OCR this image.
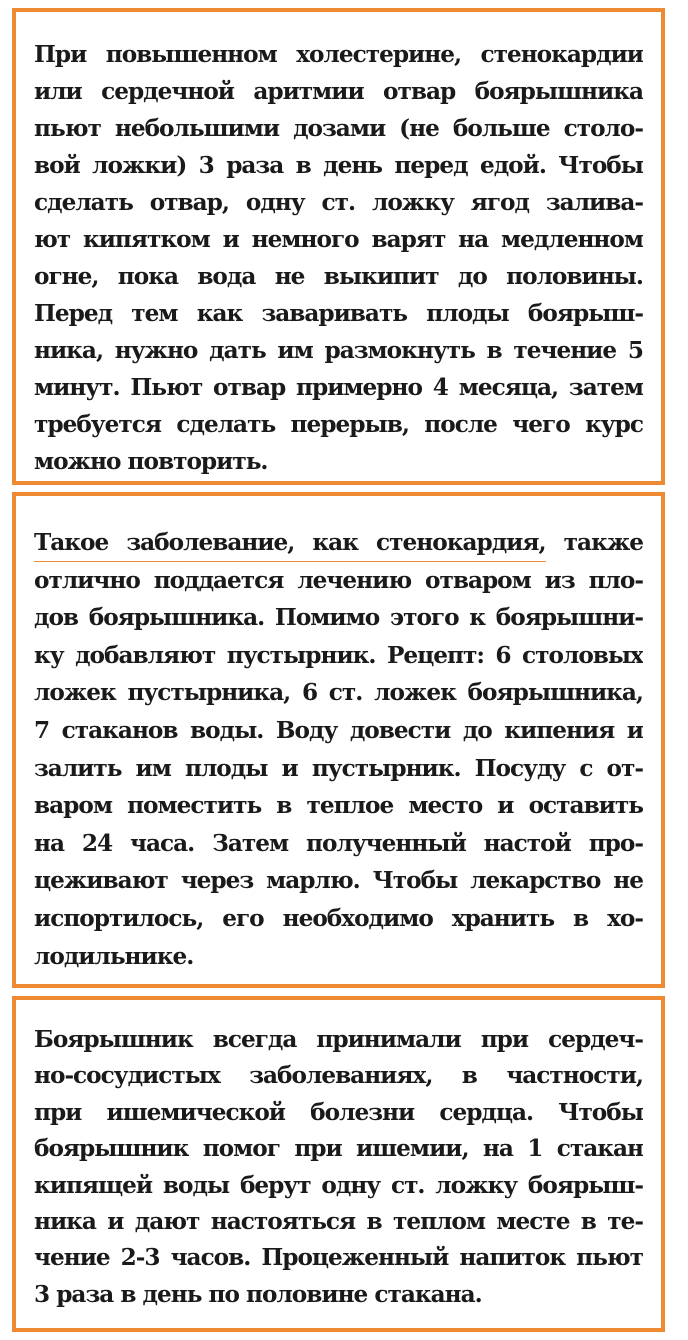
При повышенном холестерине, стенокардии
или сердечной аритмии отвар боярышника
пьют небольшими дозами (не больше столо-
вой ложки) 3 раза в день перед едой. Чтобы
сделать отвар, одну ст. ложку ягод залива-
ют кипятком и немного варят на медленном
огне, пока вода не выкипит до половины.
Перед тем как заваривать плоды боярыш-
ника, нужно дать им размокнуть в течение 5
минут. Пьют отвар примерно 4 месяца, затем
требуется сделать перерыв, после чего курс
можно повторить.
Такое заболевание, как стенокардия, также
отлично поддается лечению отваром из пло-
дов боярышника. Помимо этого к боярышни-
ку добавляют пустырник. Рецепт: 6 столовых
ложек пустырника, 6 ст. ложек боярышника,
7 стаканов воды. Воду довести до кипения и
залить им плоды и пустырник. Посуду с от-
варом поместить в теплое место и оставить
на 24 часа. Затем полученный настой про-
цеживают через марлю. Чтобы лекарство не
испортилось, его необходимо хранить в хо-
лодильнике.
Боярышник всегда принимали при сердеч-
но-сосудистых заболеваниях, в частности,
при ишемической болезни сердца. Чтобы
боярышник помог при ишемии, на 1 стакан
кипящей воды берут одну ст. ложку боярыш-
ника и дают настояться в теплом месте в те-
чение 2-3 часов. Процеженный напиток пьют
3 раза в день по половине стакана.
